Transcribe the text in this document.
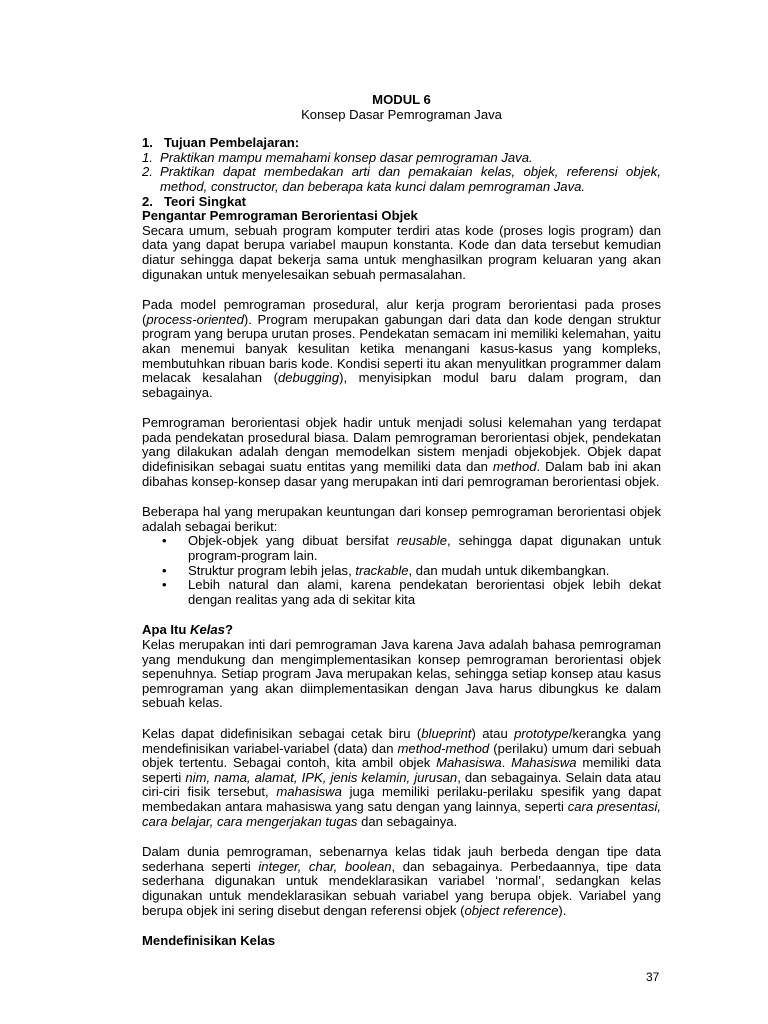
MODUL 6
Konsep Dasar Pemrograman Java
1. Tujuan Pembelajaran:
1. Praktikan mampu memahami konsep dasar pemrograman Java.
2. Praktikan dapat membedakan arti dan pemakaian kelas, objek, referensi objek, method, constructor, dan beberapa kata kunci dalam pemrograman Java.
2. Teori Singkat
Pengantar Pemrograman Berorientasi Objek

Secara umum, sebuah program komputer terdiri atas kode (proses logis program) dan data yang dapat berupa variabel maupun konstanta. Kode dan data tersebut kemudian diatur sehingga dapat bekerja sama untuk menghasilkan program keluaran yang akan digunakan untuk menyelesaikan sebuah permasalahan.

Pada model pemrograman prosedural, alur kerja program berorientasi pada proses (process-oriented). Program merupakan gabungan dari data dan kode dengan struktur program yang berupa urutan proses. Pendekatan semacam ini memiliki kelemahan, yaitu akan menemui banyak kesulitan ketika menangani kasus-kasus yang kompleks, membutuhkan ribuan baris kode. Kondisi seperti itu akan menyulitkan programmer dalam melacak kesalahan (debugging), menyisipkan modul baru dalam program, dan sebagainya.

Pemrograman berorientasi objek hadir untuk menjadi solusi kelemahan yang terdapat pada pendekatan prosedural biasa. Dalam pemrograman berorientasi objek, pendekatan yang dilakukan adalah dengan memodelkan sistem menjadi objekobjek. Objek dapat didefinisikan sebagai suatu entitas yang memiliki data dan method. Dalam bab ini akan dibahas konsep-konsep dasar yang merupakan inti dari pemrograman berorientasi objek.

Beberapa hal yang merupakan keuntungan dari konsep pemrograman berorientasi objek adalah sebagai berikut:

•	Objek-objek yang dibuat bersifat reusable, sehingga dapat digunakan untuk program-program lain.
•	Struktur program lebih jelas, trackable, dan mudah untuk dikembangkan.
•	Lebih natural dan alami, karena pendekatan berorientasi objek lebih dekat dengan realitas yang ada di sekitar kita
Apa Itu Kelas?

Kelas merupakan inti dari pemrograman Java karena Java adalah bahasa pemrograman yang mendukung dan mengimplementasikan konsep pemrograman berorientasi objek sepenuhnya. Setiap program Java merupakan kelas, sehingga setiap konsep atau kasus pemrograman yang akan diimplementasikan dengan Java harus dibungkus ke dalam sebuah kelas.

Kelas dapat didefinisikan sebagai cetak biru (blueprint) atau prototype/kerangka yang mendefinisikan variabel-variabel (data) dan method-method (perilaku) umum dari sebuah objek tertentu. Sebagai contoh, kita ambil objek Mahasiswa. Mahasiswa memiliki data seperti nim, nama, alamat, IPK, jenis kelamin, jurusan, dan sebagainya. Selain data atau ciri-ciri fisik tersebut, mahasiswa juga memiliki perilaku-perilaku spesifik yang dapat membedakan antara mahasiswa yang satu dengan yang lainnya, seperti cara presentasi, cara belajar, cara mengerjakan tugas dan sebagainya.

Dalam dunia pemrograman, sebenarnya kelas tidak jauh berbeda dengan tipe data sederhana seperti integer, char, boolean, dan sebagainya. Perbedaannya, tipe data sederhana digunakan untuk mendeklarasikan variabel ‘normal’, sedangkan kelas digunakan untuk mendeklarasikan sebuah variabel yang berupa objek. Variabel yang berupa objek ini sering disebut dengan referensi objek (object reference).

Mendefinisikan Kelas
37
